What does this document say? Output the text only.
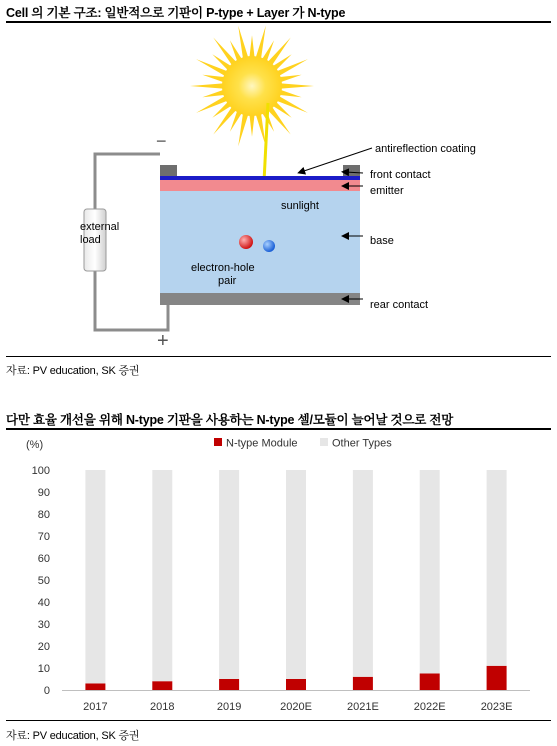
Cell 의 기본 구조: 일반적으로 기판이 P-type + Layer 가 N-type
external
load
−
+
electron-hole
pair
sunlight
antireflection coating
front contact
emitter
base
rear contact
자료: PV education, SK 증권
다만 효율 개선을 위해 N-type 기판을 사용하는 N-type 셀/모듈이 늘어날 것으로 전망
(%)	N-type Module	Other Types
0
10
20
30
40
50
60
70
80
90
100
2017	2018	2019	2020E	2021E	2022E	2023E
자료: PV education, SK 증권
